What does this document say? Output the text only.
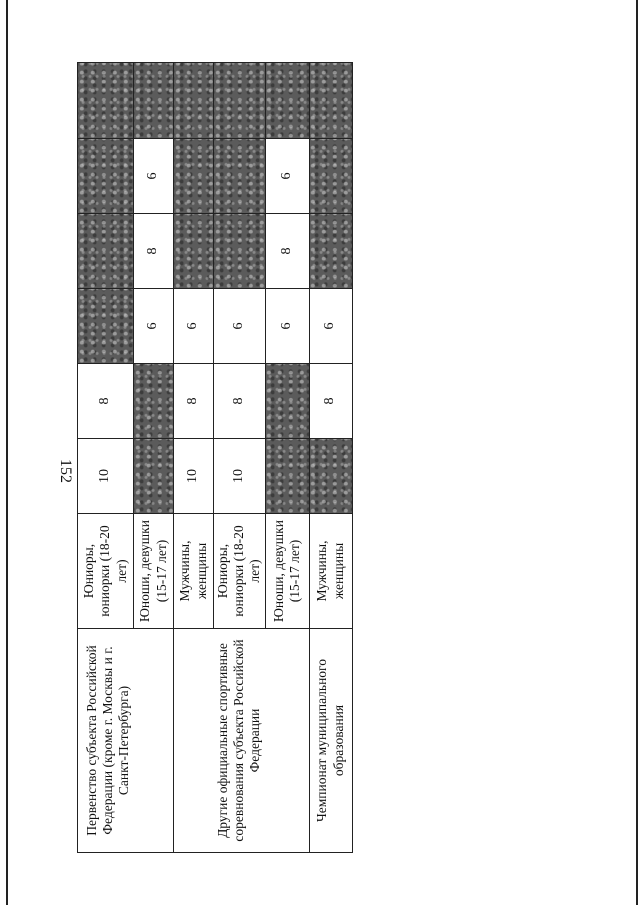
152
Первенство субъекта Российской Федерации (кроме г. Москвы и г. Санкт-Петербурга)	Юниоры, юниорки (18-20 лет)	10	8				
	Юноши, девушки (15-17 лет)			6	8	6	
	Мужчины, женщины	10	8	6			
Другие официальные спортивные соревнования субъекта Российской Федерации	Юниоры, юниорки (18-20 лет)	10	8	6			
	Юноши, девушки (15-17 лет)			6	8	6	
Чемпионат муниципального образования	Мужчины, женщины		8	6			
